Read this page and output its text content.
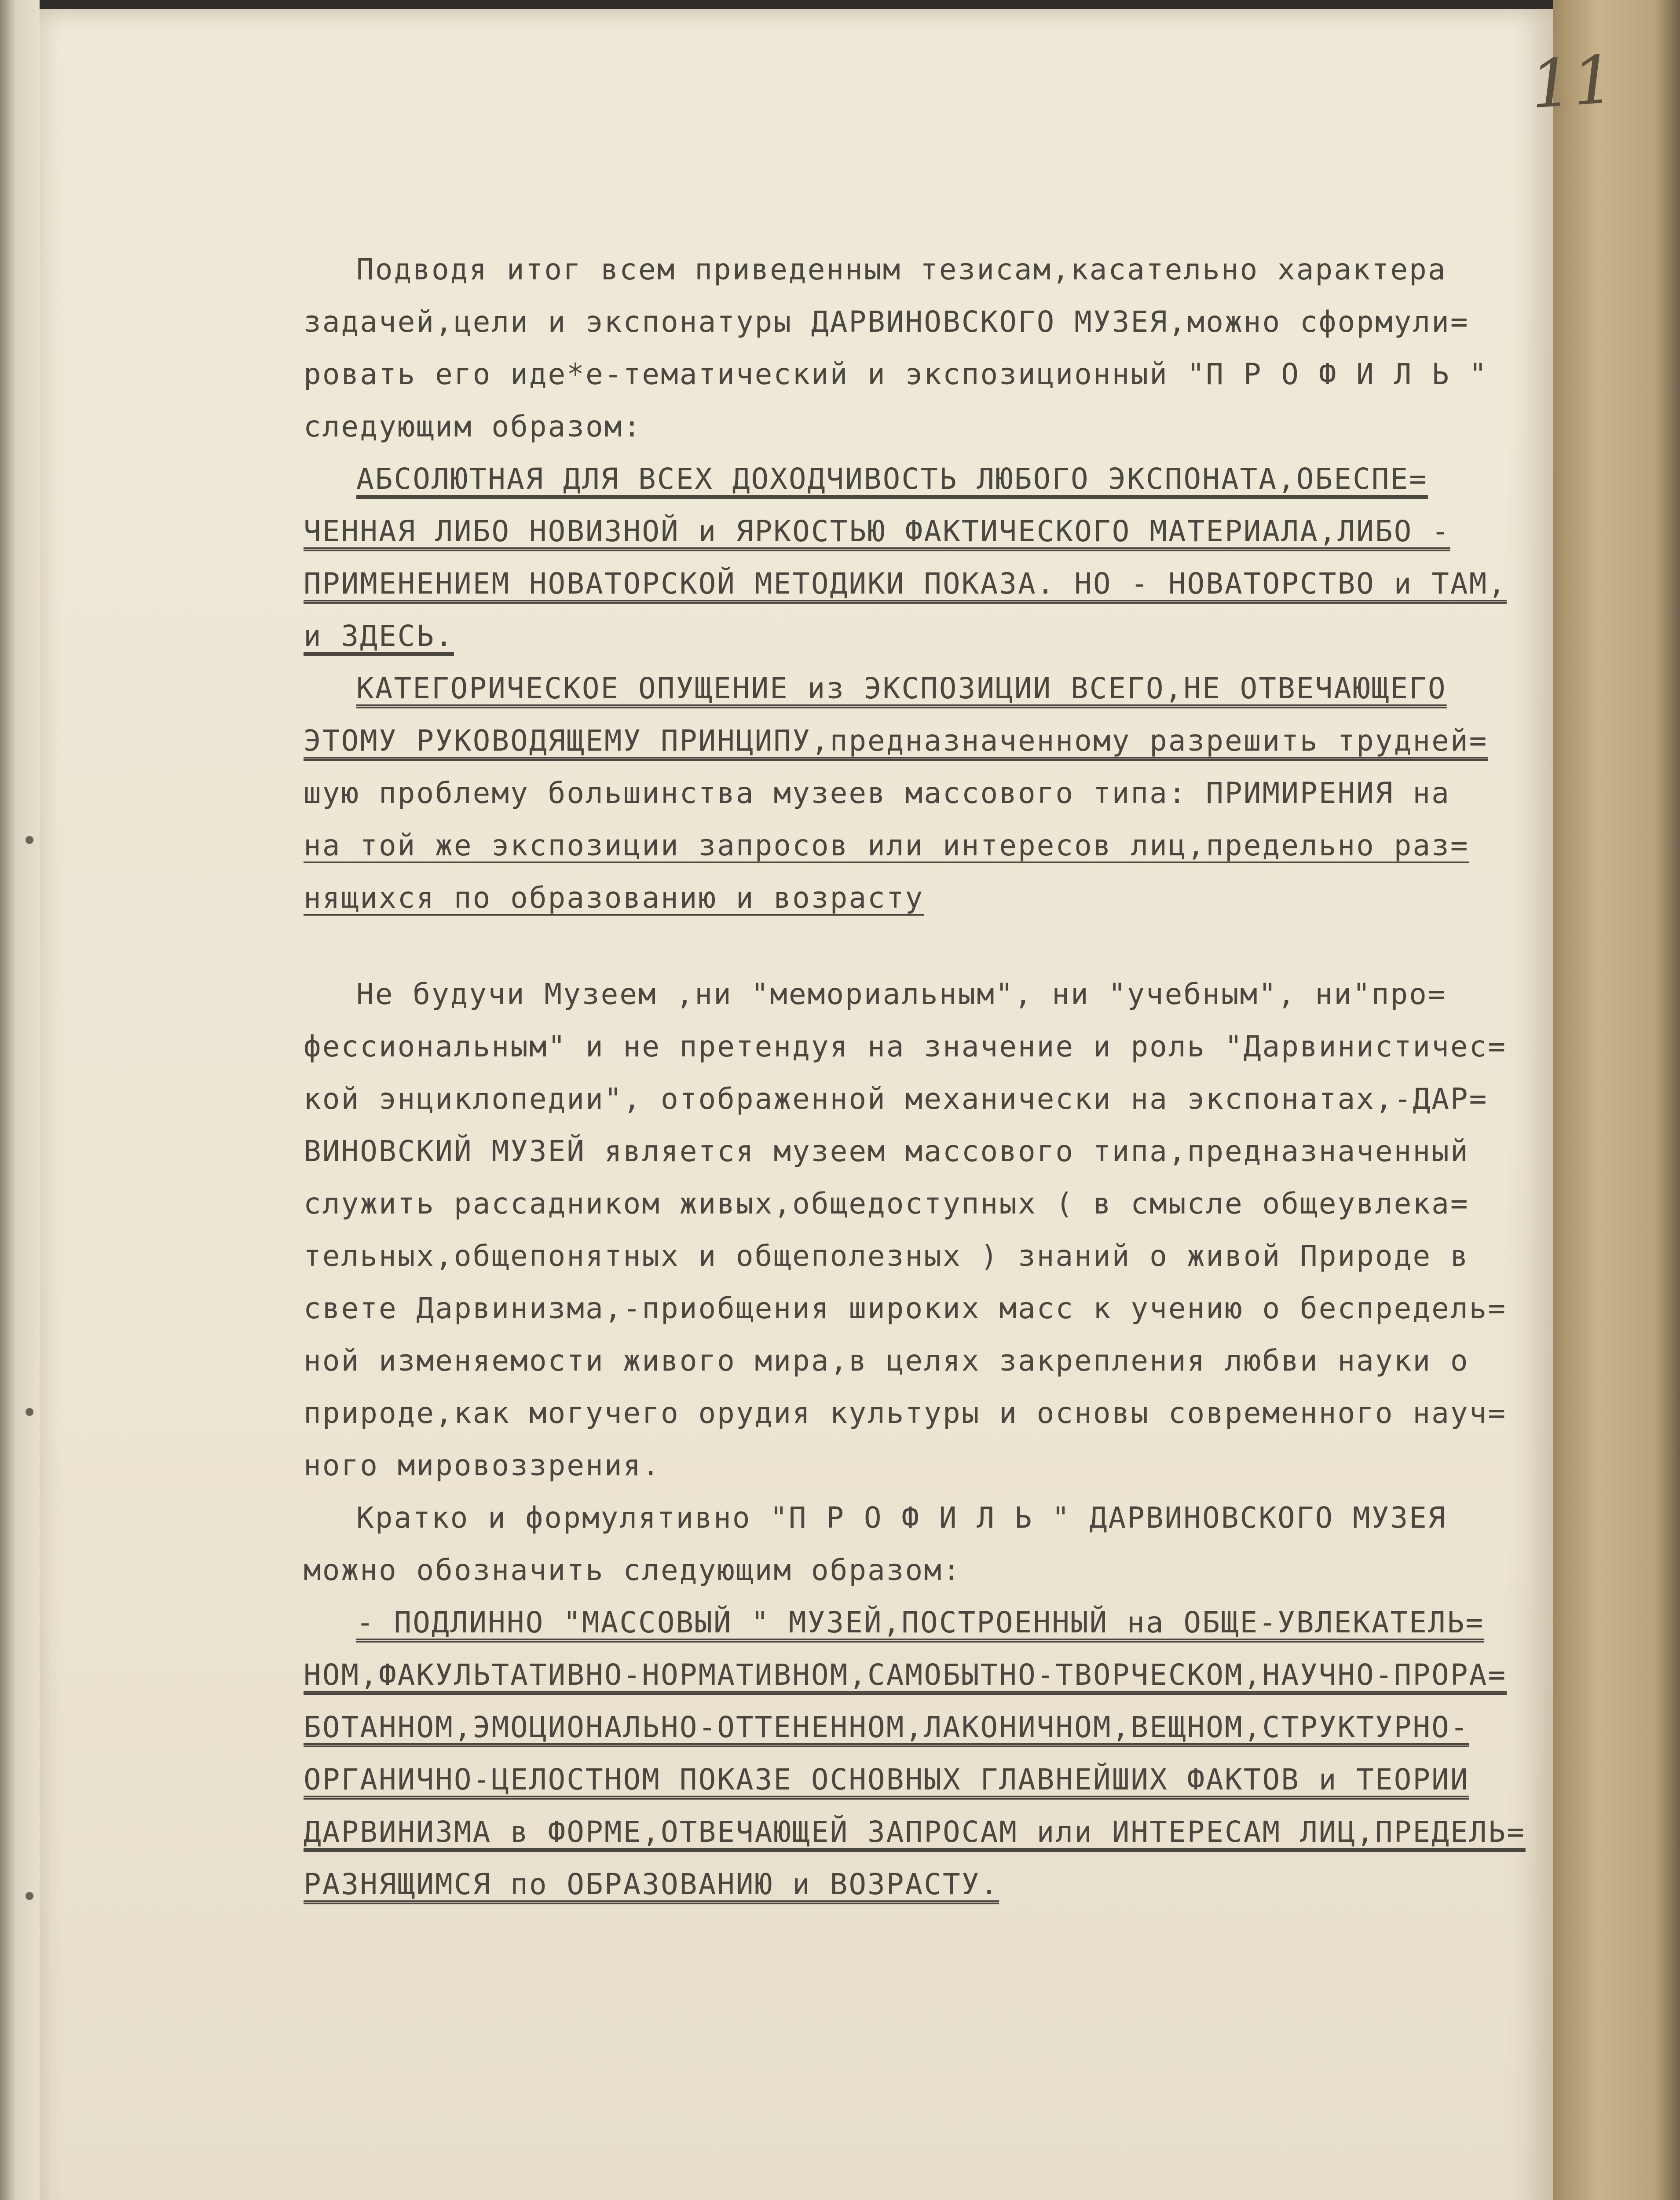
11
Подводя итог всем приведенным тезисам,касательно характера
задачей,цели и экспонатуры ДАРВИНОВСКОГО МУЗЕЯ,можно сформули=
ровать его иде*е-тематический и экспозиционный "П Р О Ф И Л Ь "
следующим образом:
АБСОЛЮТНАЯ ДЛЯ ВСЕХ ДОХОДЧИВОСТЬ ЛЮБОГО ЭКСПОНАТА,ОБЕСПЕ=
ЧЕННАЯ ЛИБО НОВИЗНОЙ и ЯРКОСТЬЮ ФАКТИЧЕСКОГО МАТЕРИАЛА,ЛИБО -
ПРИМЕНЕНИЕМ НОВАТОРСКОЙ МЕТОДИКИ ПОКАЗА. НО - НОВАТОРСТВО и ТАМ,
и ЗДЕСЬ.
КАТЕГОРИЧЕСКОЕ ОПУЩЕНИЕ из ЭКСПОЗИЦИИ ВСЕГО,НЕ ОТВЕЧАЮЩЕГО
ЭТОМУ РУКОВОДЯЩЕМУ ПРИНЦИПУ,предназначенному разрешить трудней=
шую проблему большинства музеев массового типа: ПРИМИРЕНИЯ на
на той же экспозиции запросов или интересов лиц,предельно раз=
нящихся по образованию и возрасту
Не будучи Музеем ,ни "мемориальным", ни "учебным", ни"про=
фессиональным" и не претендуя на значение и роль "Дарвинистичес=
кой энциклопедии", отображенной механически на экспонатах,-ДАР=
ВИНОВСКИЙ МУЗЕЙ является музеем массового типа,предназначенный
служить рассадником живых,общедоступных ( в смысле общеувлека=
тельных,общепонятных и общеполезных ) знаний о живой Природе в
свете Дарвинизма,-приобщения широких масс к учению о беспредель=
ной изменяемости живого мира,в целях закрепления любви науки о
природе,как могучего орудия культуры и основы современного науч=
ного мировоззрения.
Кратко и формулятивно "П Р О Ф И Л Ь " ДАРВИНОВСКОГО МУЗЕЯ
можно обозначить следующим образом:
- ПОДЛИННО "МАССОВЫЙ " МУЗЕЙ,ПОСТРОЕННЫЙ на ОБЩЕ-УВЛЕКАТЕЛЬ=
НОМ,ФАКУЛЬТАТИВНО-НОРМАТИВНОМ,САМОБЫТНО-ТВОРЧЕСКОМ,НАУЧНО-ПРОРА=
БОТАННОМ,ЭМОЦИОНАЛЬНО-ОТТЕНЕННОМ,ЛАКОНИЧНОМ,ВЕЩНОМ,СТРУКТУРНО-
ОРГАНИЧНО-ЦЕЛОСТНОМ ПОКАЗЕ ОСНОВНЫХ ГЛАВНЕЙШИХ ФАКТОВ и ТЕОРИИ
ДАРВИНИЗМА в ФОРМЕ,ОТВЕЧАЮЩЕЙ ЗАПРОСАМ или ИНТЕРЕСАМ ЛИЦ,ПРЕДЕЛЬ=
РАЗНЯЩИМСЯ по ОБРАЗОВАНИЮ и ВОЗРАСТУ.
